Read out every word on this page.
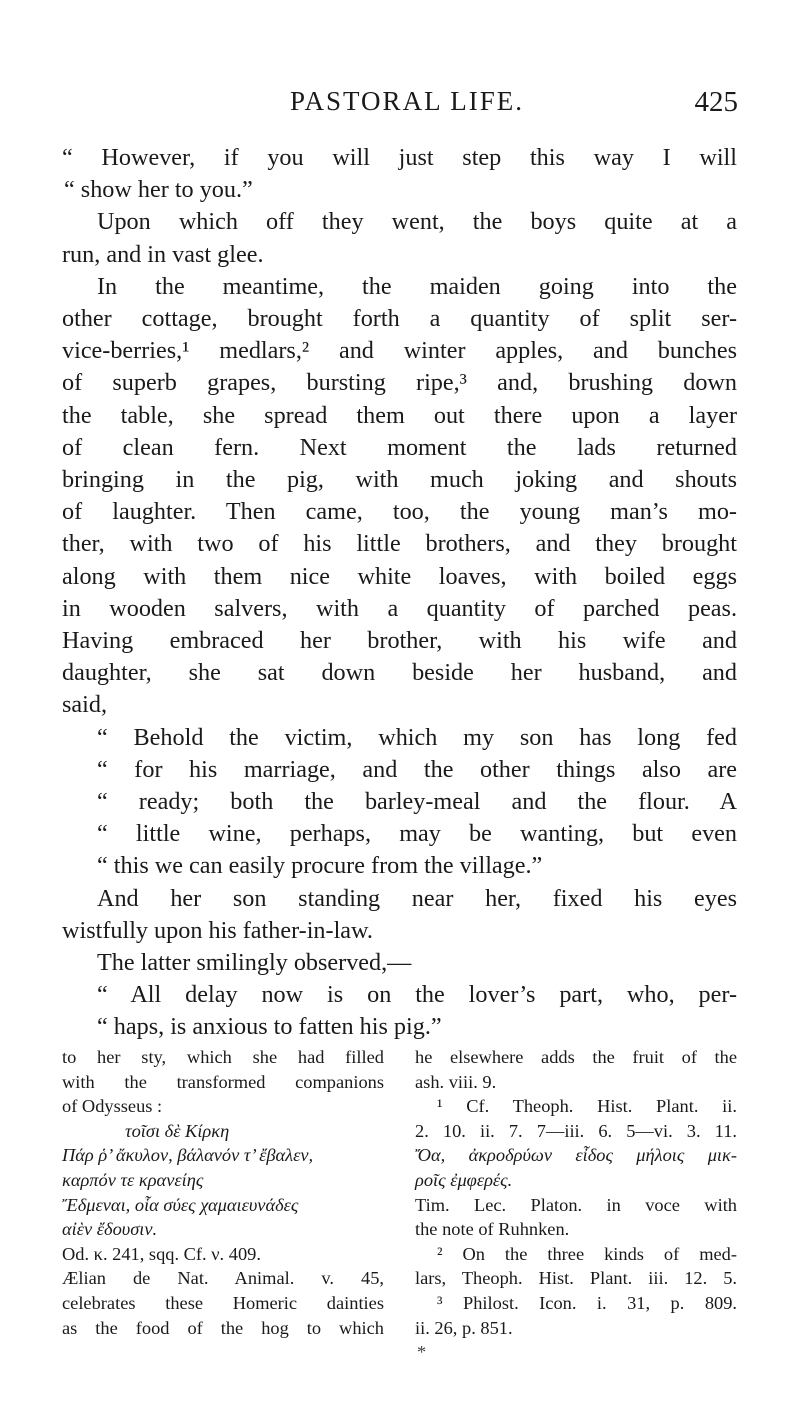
PASTORAL LIFE.	425
“ However, if you will just step this way I will
“ show her to you.”
Upon which off they went, the boys quite at a
run, and in vast glee.
In the meantime, the maiden going into the
other cottage, brought forth a quantity of split ser-
vice-berries,¹ medlars,² and winter apples, and bunches
of superb grapes, bursting ripe,³ and, brushing down
the table, she spread them out there upon a layer
of clean fern. Next moment the lads returned
bringing in the pig, with much joking and shouts
of laughter. Then came, too, the young man’s mo-
ther, with two of his little brothers, and they brought
along with them nice white loaves, with boiled eggs
in wooden salvers, with a quantity of parched peas.
Having embraced her brother, with his wife and
daughter, she sat down beside her husband, and
said,
“ Behold the victim, which my son has long fed
“ for his marriage, and the other things also are
“ ready; both the barley-meal and the flour. A
“ little wine, perhaps, may be wanting, but even
“ this we can easily procure from the village.”
And her son standing near her, fixed his eyes
wistfully upon his father-in-law.
The latter smilingly observed,—
“ All delay now is on the lover’s part, who, per-
“ haps, is anxious to fatten his pig.”
to her sty, which she had filled
with the transformed companions
of Odysseus :
τοῖσι δὲ Κίρκη
Πάρ ῥ’ ἄκυλον, βάλανόν τ’ ἔβαλεν,
καρπόν τε κρανείης
Ἔδμεναι, οἷα σύες χαμαιευνάδες
αἰὲν ἔδουσιν.
Od. κ. 241, sqq. Cf. ν. 409.
Ælian de Nat. Animal. v. 45,
celebrates these Homeric dainties
as the food of the hog to which
he elsewhere adds the fruit of the
ash. viii. 9.
¹ Cf. Theoph. Hist. Plant. ii.
2. 10. ii. 7. 7—iii. 6. 5—vi. 3. 11.
Ὄα, ἀκροδρύων εἶδος μήλοις μικ-
ροῖς ἐμφερές.
Tim. Lec. Platon. in voce with
the note of Ruhnken.
² On the three kinds of med-
lars, Theoph. Hist. Plant. iii. 12. 5.
³ Philost. Icon. i. 31, p. 809.
ii. 26, p. 851.
*
